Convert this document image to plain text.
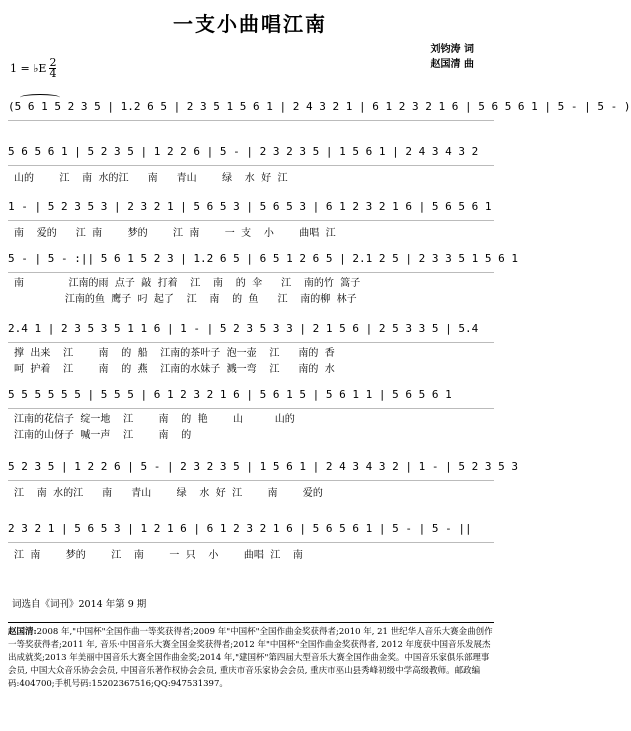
一支小曲唱江南
刘钧涛 词
赵国清 曲
1 = ♭E $\frac{2}{4}$
(5 6 1 5 2 3 5 | 1.2 6 5 | 2 3 5 1 5 6 1 | 2 4 3 2 1 | 6 1 2 3 2 1 6 | 5 6 5 6 1 | 5 - | 5 - )
5 6 5 6 1 | 5 2 3 5 | 1 2 2 6 | 5 - | 2 3 2 3 5 | 1 5 6 1 | 2 4 3 4 3 2
山的        江    南  水的江      南      青山        绿    水  好  江
1 - | 5 2 3 5 3 | 2 3 2 1 | 5 6 5 3 | 5 6 5 3 | 6 1 2 3 2 1 6 | 5 6 5 6 1
南    爱的      江  南        梦的        江  南        一  支    小        曲唱  江
5 - | 5 - :|| 5 6 1 5 2 3 | 1.2 6 5 | 6 5 1 2 6 5 | 2.1 2 5 | 2 3 3 5 1 5 6 1
南              江南的雨  点子  敲  打着    江    南    的  伞      江    南的竹  篙子
江南的鱼  鹰子  叼  起了    江    南    的  鱼      江    南的柳  林子
2.4 1 | 2 3 5 3 5 1 1 6 | 1 - | 5 2 3 5 3 3 | 2 1 5 6 | 2 5 3 3 5 | 5.4
撑  出来    江        南    的  船    江南的茶叶子  泡一壶    江      南的  香
呵  护着    江        南    的  燕    江南的水妹子  溅一弯    江      南的  水
5 5 5 5 5 5 | 5 5 5 | 6 1 2 3 2 1 6 | 5 6 1 5 | 5 6 1 1 | 5 6 5 6 1
江南的花信子  绽一地    江        南    的  艳        山          山的
江南的山伢子  喊一声    江        南    的
5 2 3 5 | 1 2 2 6 | 5 - | 2 3 2 3 5 | 1 5 6 1 | 2 4 3 4 3 2 | 1 - | 5 2 3 5 3
江    南  水的江      南      青山        绿    水  好  江        南        爱的
2 3 2 1 | 5 6 5 3 | 1 2 1 6 | 6 1 2 3 2 1 6 | 5 6 5 6 1 | 5 - | 5 - ||
江  南        梦的        江    南        一  只    小        曲唱  江    南
词选自《词刊》2014 年第 9 期
赵国清:2008 年,"中国杯"全国作曲一等奖获得者;2009 年"中国杯"全国作曲金奖获得者;2010 年, 21 世纪华人音乐大赛金曲创作一等奖获得者;2011 年, 音乐·中国音乐大赛全国金奖获得者;2012 年"中国杯"全国作曲金奖获得者, 2012 年度获中国音乐发展杰出成就奖;2013 年美丽中国音乐大赛全国作曲金奖;2014 年,"建国杯"第四届大型音乐大赛全国作曲金奖。中国音乐家俱乐部理事会员, 中国大众音乐协会会员, 中国音乐著作权协会会员, 重庆市音乐家协会会员, 重庆市巫山县秀峰初级中学高级教师。邮政编码:404700;手机号码:15202367516;QQ:947531397。
